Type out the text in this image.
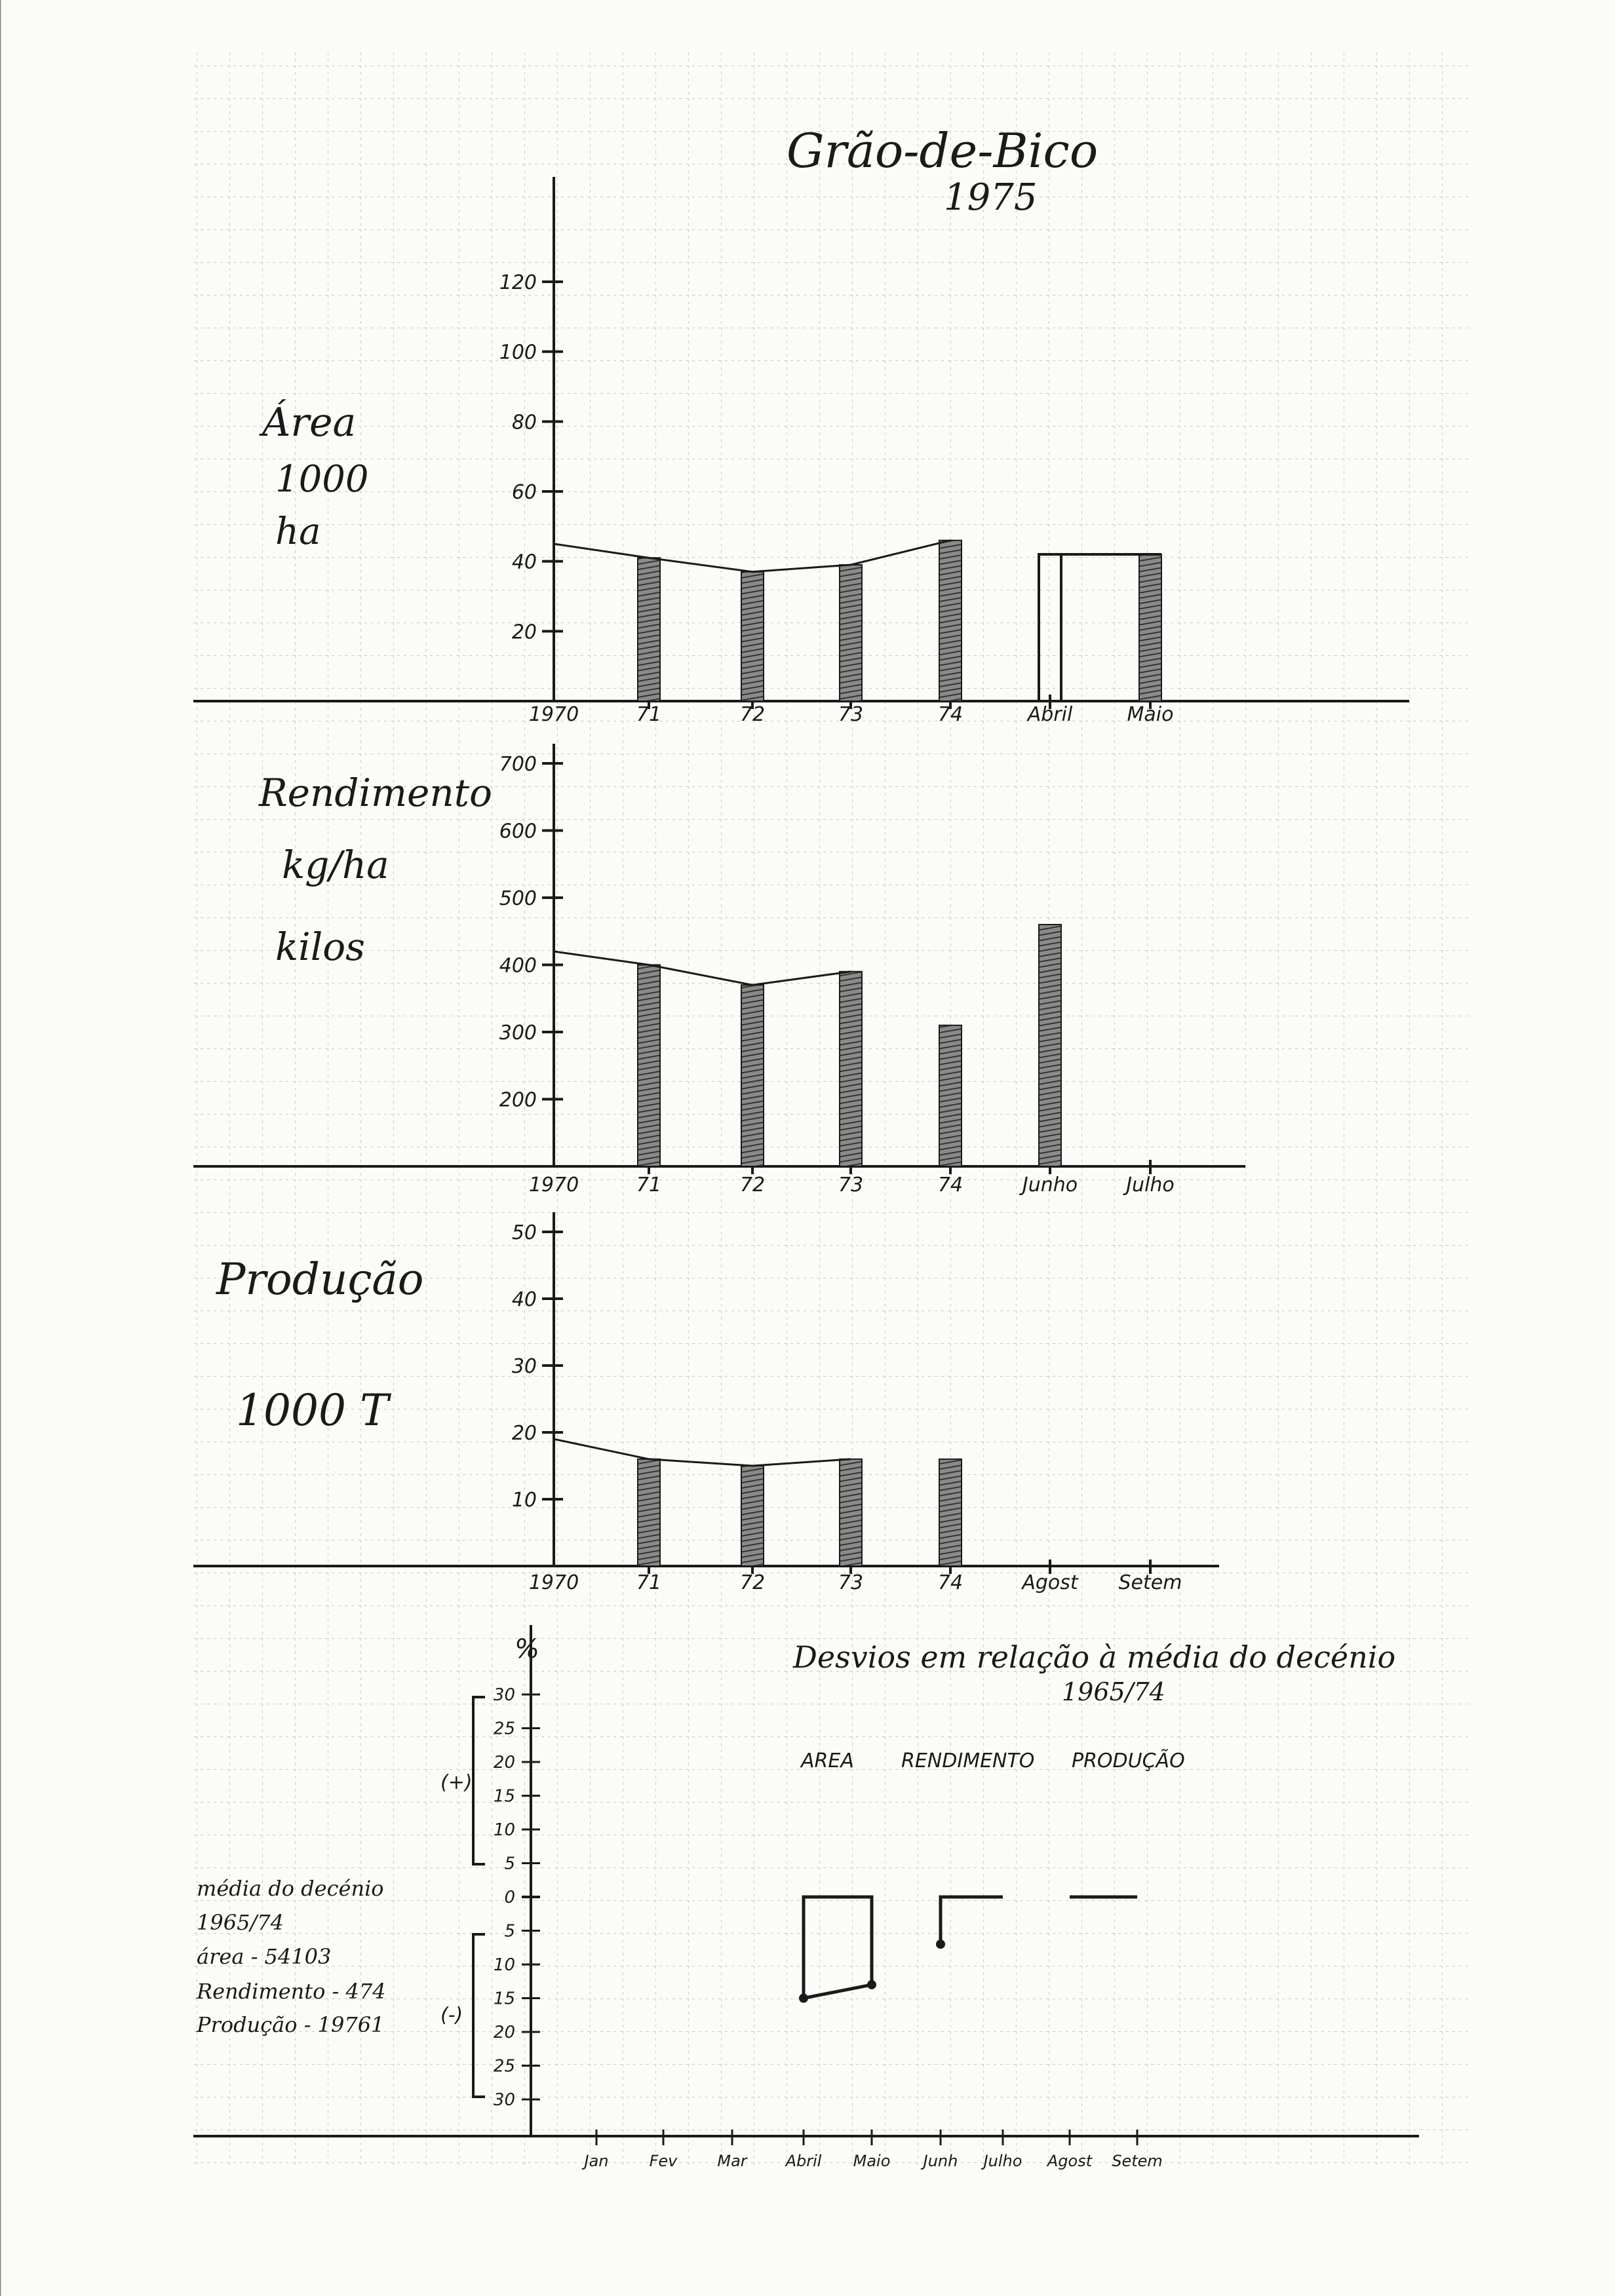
Grão-de-Bico
1975
Área
1000
ha
Rendimento
kg/ha
kilos
Produção
1000 T
20
40
60
80
100
120
1970	71	72	73	74	Abril	Maio
200
300
400
500
600
700
1970	71	72	73	74	Junho Julho
10
20
30
40
50
1970	71	72	73	74	Agost Setem
Desvios em relação à média do decénio
1965/74
AREA RENDIMENTO PRODUÇÃO
%
(+)
(-)
média do decénio
1965/74
área - 54103
Rendimento - 474
Produção - 19761
0
5
10
15
20
25
30
5
10
15
20
25
30
Jan	Fev	Mar Abril Maio Junh Julho Agost Setem
